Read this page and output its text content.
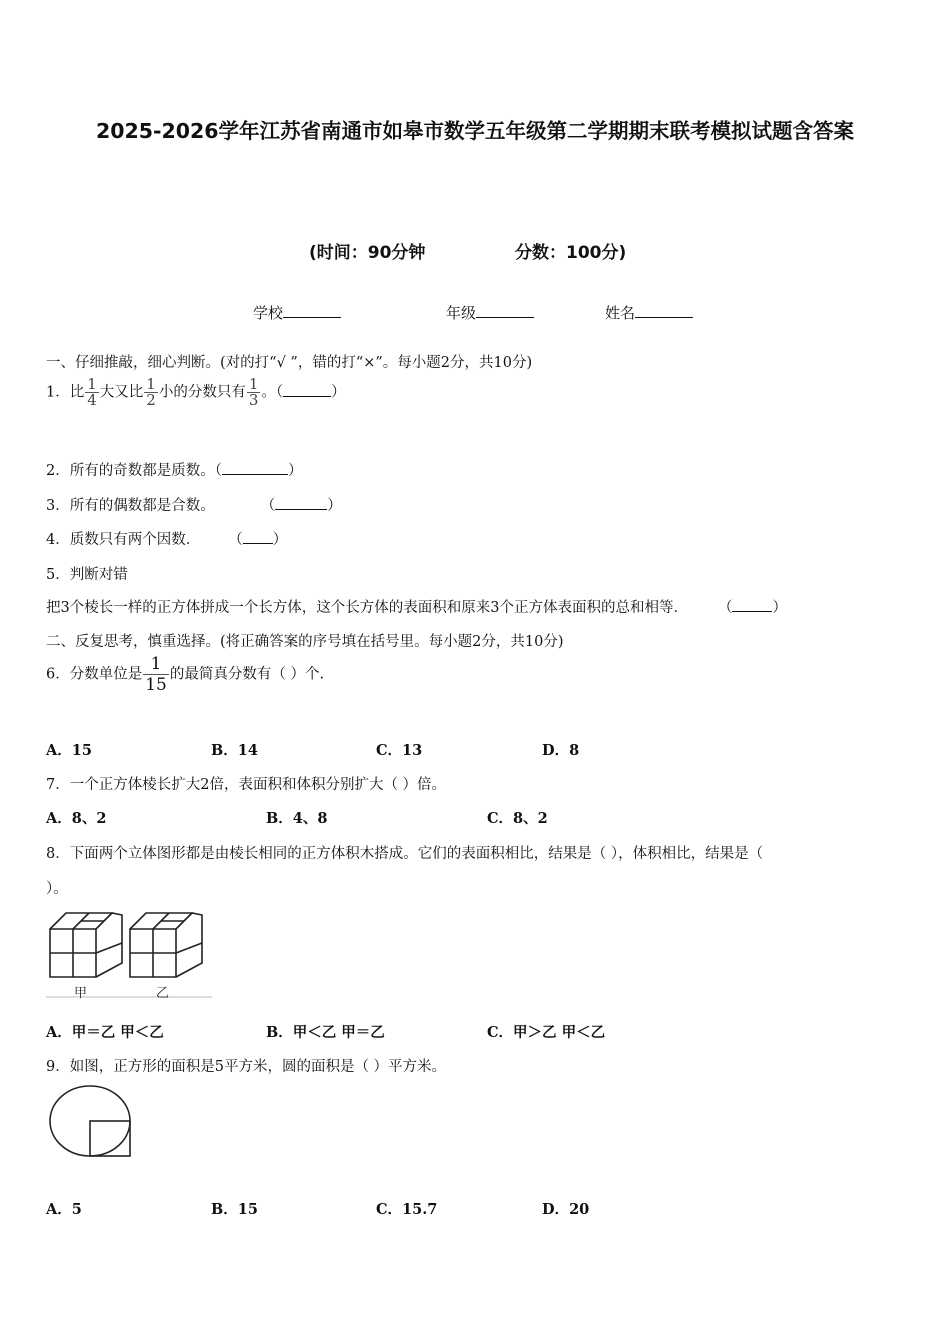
2025-2026学年江苏省南通市如皋市数学五年级第二学期期末联考模拟试题含答案
(时间：90分钟	分数：100分)
学校	年级	姓名
一、仔细推敲，细心判断。(对的打“√ ”，错的打“×”。每小题2分，共10分)
1．比 $\frac{1}{4}$ 大又比 $\frac{1}{2}$ 小的分数只有 $\frac{1}{3}$ 。（	）
2．所有的奇数都是质数。（	）
3．所有的偶数都是合数。	（	）
4．质数只有两个因数． （ ）
5．判断对错
把3个棱长一样的正方体拼成一个长方体，这个长方体的表面积和原来3个正方体表面积的总和相等． （	）
二、反复思考，慎重选择。(将正确答案的序号填在括号里。每小题2分，共10分)
6．分数单位是 $\frac{1}{15}$ 的最简真分数有（ ）个.
A．15	B．14	C．13	D．8
7．一个正方体棱长扩大2倍，表面积和体积分别扩大（ ）倍。
A．8、2	B．4、8	C．8、2
8．下面两个立体图形都是由棱长相同的正方体积木搭成。它们的表面积相比，结果是（ ），体积相比，结果是（
）。
甲	乙
A．甲＝乙 甲＜乙	B．甲＜乙 甲＝乙	C．甲＞乙 甲＜乙
9．如图，正方形的面积是5平方米，圆的面积是（ ）平方米。
A．5	B．15	C．15.7	D．20
